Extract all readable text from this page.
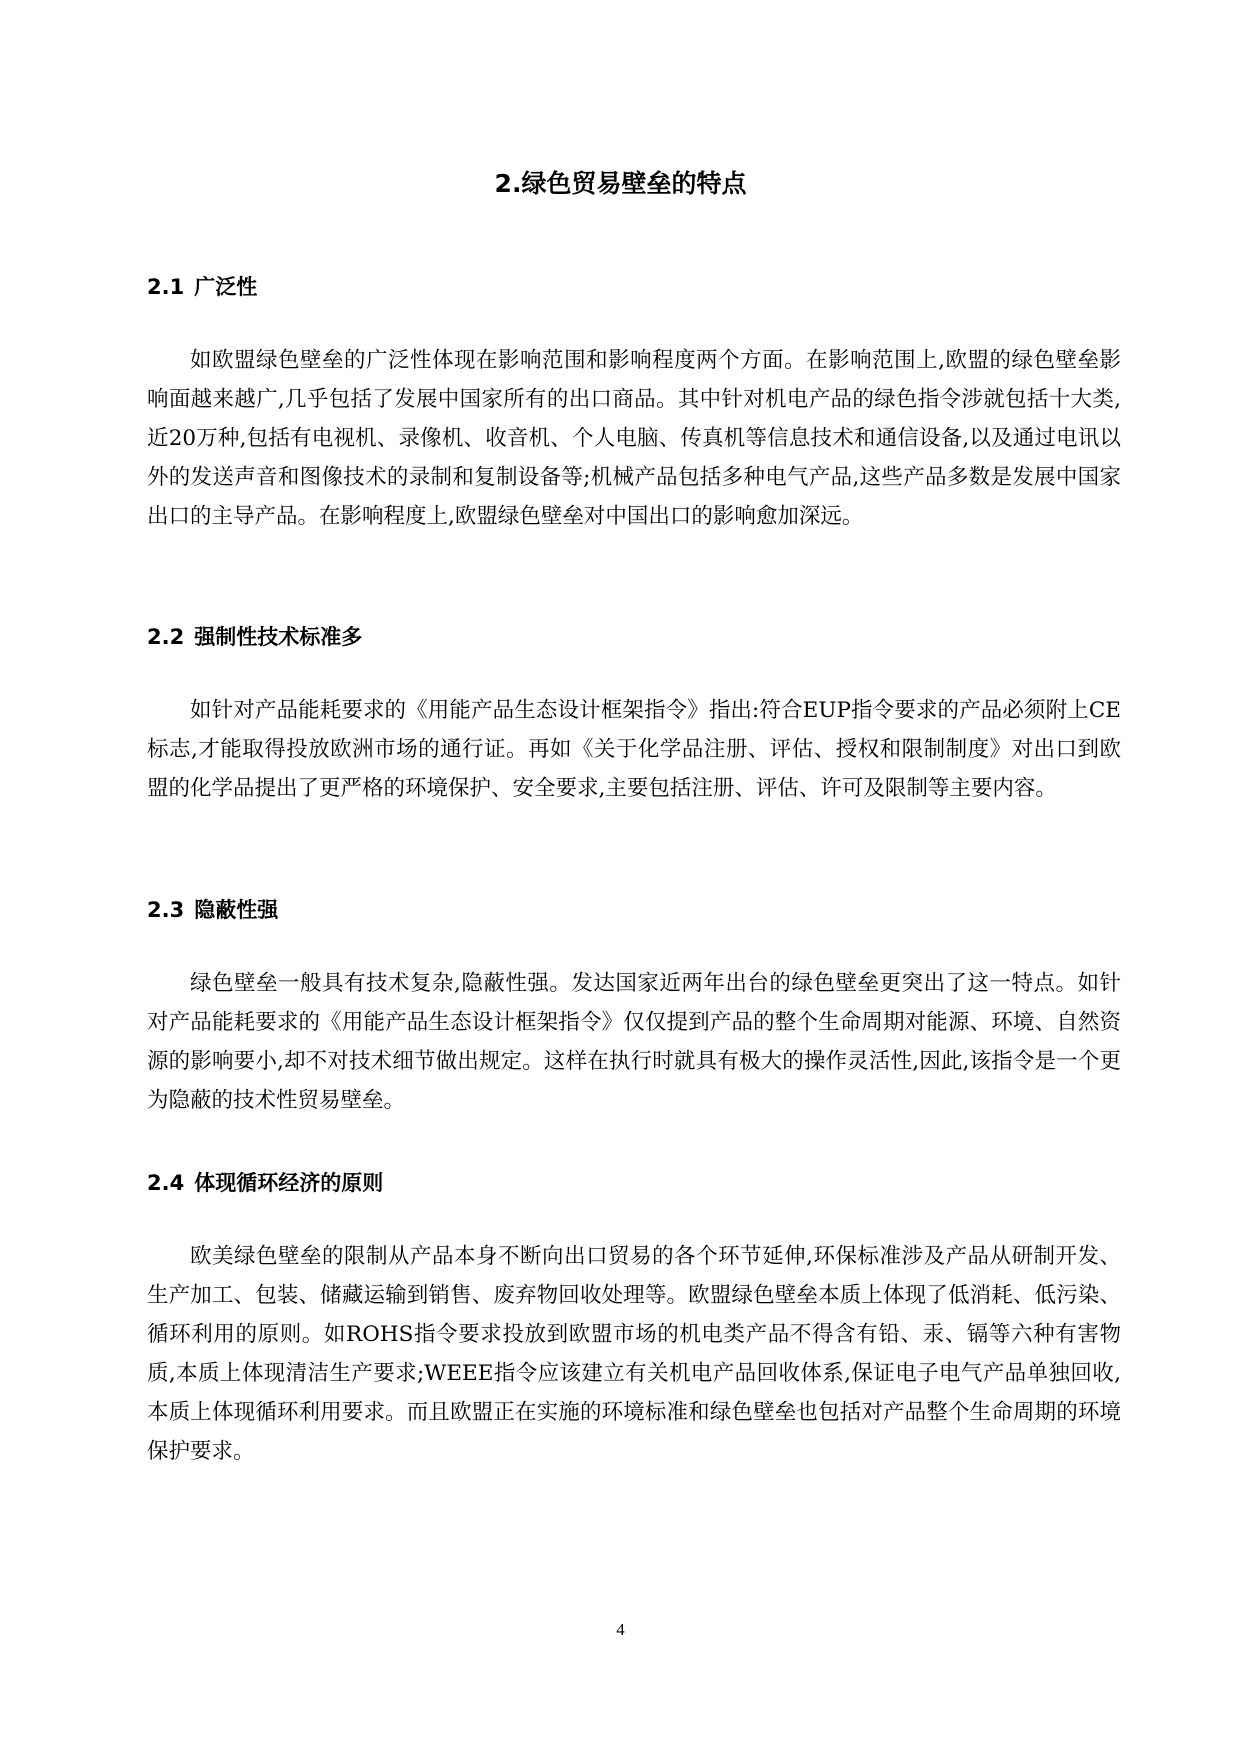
2.绿色贸易壁垒的特点
2.1 广泛性

如欧盟绿色壁垒的广泛性体现在影响范围和影响程度两个方面。在影响范围上,欧盟的绿色壁垒影响面越来越广,几乎包括了发展中国家所有的出口商品。其中针对机电产品的绿色指令涉就包括十大类,近20万种,包括有电视机、录像机、收音机、个人电脑、传真机等信息技术和通信设备,以及通过电讯以外的发送声音和图像技术的录制和复制设备等;机械产品包括多种电气产品,这些产品多数是发展中国家出口的主导产品。在影响程度上,欧盟绿色壁垒对中国出口的影响愈加深远。

2.2 强制性技术标准多

如针对产品能耗要求的《用能产品生态设计框架指令》指出:符合EUP指令要求的产品必须附上CE标志,才能取得投放欧洲市场的通行证。再如《关于化学品注册、评估、授权和限制制度》对出口到欧盟的化学品提出了更严格的环境保护、安全要求,主要包括注册、评估、许可及限制等主要内容。

2.3 隐蔽性强

绿色壁垒一般具有技术复杂,隐蔽性强。发达国家近两年出台的绿色壁垒更突出了这一特点。如针对产品能耗要求的《用能产品生态设计框架指令》仅仅提到产品的整个生命周期对能源、环境、自然资源的影响要小,却不对技术细节做出规定。这样在执行时就具有极大的操作灵活性,因此,该指令是一个更为隐蔽的技术性贸易壁垒。

2.4 体现循环经济的原则

欧美绿色壁垒的限制从产品本身不断向出口贸易的各个环节延伸,环保标准涉及产品从研制开发、生产加工、包装、储藏运输到销售、废弃物回收处理等。欧盟绿色壁垒本质上体现了低消耗、低污染、循环利用的原则。如ROHS指令要求投放到欧盟市场的机电类产品不得含有铅、汞、镉等六种有害物质,本质上体现清洁生产要求;WEEE指令应该建立有关机电产品回收体系,保证电子电气产品单独回收,本质上体现循环利用要求。而且欧盟正在实施的环境标准和绿色壁垒也包括对产品整个生命周期的环境保护要求。

4
